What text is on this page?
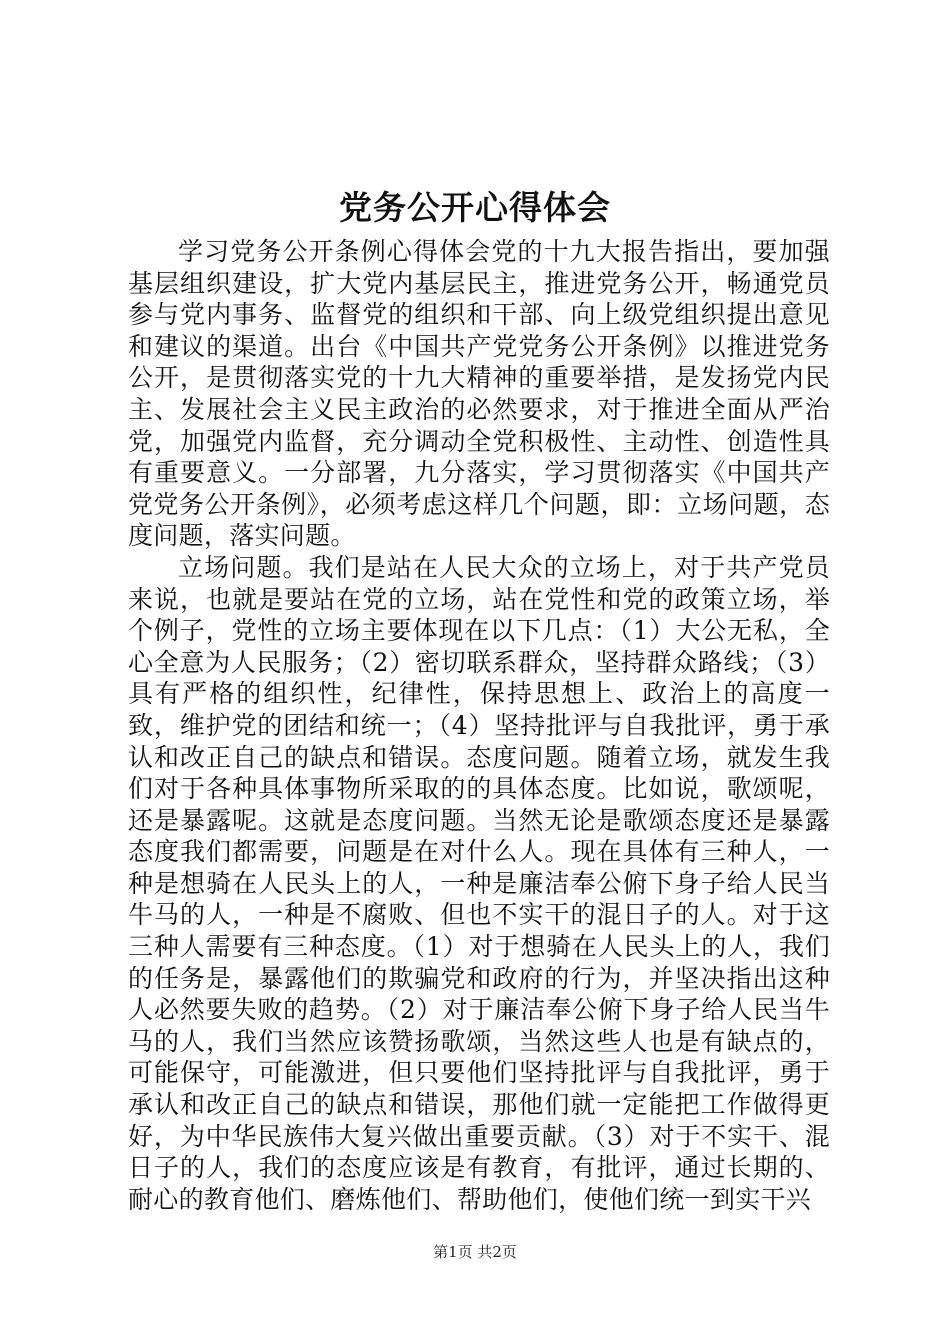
党务公开心得体会

学习党务公开条例心得体会党的十九大报告指出，要加强基层组织建设，扩大党内基层民主，推进党务公开，畅通党员参与党内事务、监督党的组织和干部、向上级党组织提出意见和建议的渠道。出台《中国共产党党务公开条例》以推进党务公开，是贯彻落实党的十九大精神的重要举措，是发扬党内民主、发展社会主义民主政治的必然要求，对于推进全面从严治党，加强党内监督，充分调动全党积极性、主动性、创造性具有重要意义。一分部署，九分落实，学习贯彻落实《中国共产党党务公开条例》，必须考虑这样几个问题，即：立场问题，态度问题，落实问题。

立场问题。我们是站在人民大众的立场上，对于共产党员来说，也就是要站在党的立场，站在党性和党的政策立场，举个例子，党性的立场主要体现在以下几点：（1）大公无私，全心全意为人民服务；（2）密切联系群众，坚持群众路线；（3）具有严格的组织性，纪律性，保持思想上、政治上的高度一致，维护党的团结和统一；（4）坚持批评与自我批评，勇于承认和改正自己的缺点和错误。态度问题。随着立场，就发生我们对于各种具体事物所采取的的具体态度。比如说，歌颂呢，还是暴露呢。这就是态度问题。当然无论是歌颂态度还是暴露态度我们都需要，问题是在对什么人。现在具体有三种人，一种是想骑在人民头上的人，一种是廉洁奉公俯下身子给人民当牛马的人，一种是不腐败、但也不实干的混日子的人。对于这三种人需要有三种态度。（1）对于想骑在人民头上的人，我们的任务是，暴露他们的欺骗党和政府的行为，并坚决指出这种人必然要失败的趋势。（2）对于廉洁奉公俯下身子给人民当牛马的人，我们当然应该赞扬歌颂，当然这些人也是有缺点的，可能保守，可能激进，但只要他们坚持批评与自我批评，勇于承认和改正自己的缺点和错误，那他们就一定能把工作做得更好，为中华民族伟大复兴做出重要贡献。（3）对于不实干、混日子的人，我们的态度应该是有教育，有批评，通过长期的、耐心的教育他们、磨炼他们、帮助他们，使他们统一到实干兴

第1页 共2页
